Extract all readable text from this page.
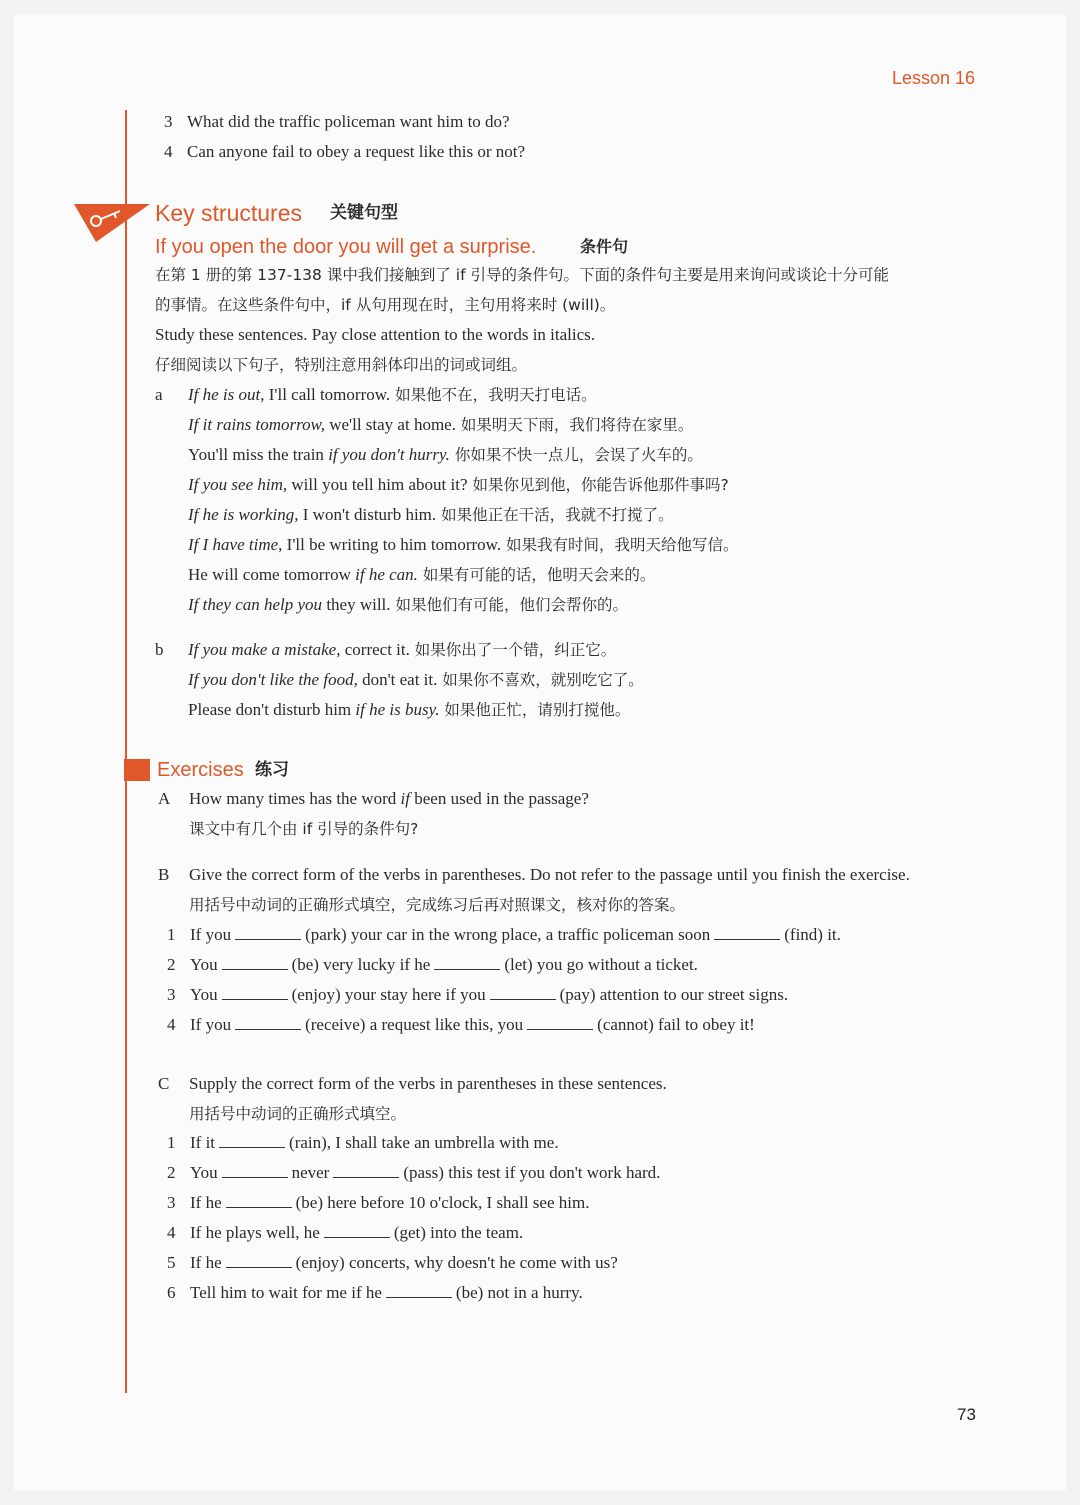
Lesson 16
3 What did the traffic policeman want him to do?
4 Can anyone fail to obey a request like this or not?
Key structures 关键句型
If you open the door you will get a surprise.	条件句
在第 1 册的第 137-138 课中我们接触到了 if 引导的条件句。下面的条件句主要是用来询问或谈论十分可能
的事情。在这些条件句中，if 从句用现在时，主句用将来时 (will)。
Study these sentences. Pay close attention to the words in italics.
仔细阅读以下句子，特别注意用斜体印出的词或词组。
a If he is out, I'll call tomorrow. 如果他不在，我明天打电话。
If it rains tomorrow, we'll stay at home. 如果明天下雨，我们将待在家里。
You'll miss the train if you don't hurry. 你如果不快一点儿，会误了火车的。
If you see him, will you tell him about it? 如果你见到他，你能告诉他那件事吗?
If he is working, I won't disturb him. 如果他正在干活，我就不打搅了。
If I have time, I'll be writing to him tomorrow. 如果我有时间，我明天给他写信。
He will come tomorrow if he can. 如果有可能的话，他明天会来的。
If they can help you they will. 如果他们有可能，他们会帮你的。
b If you make a mistake, correct it. 如果你出了一个错，纠正它。
If you don't like the food, don't eat it. 如果你不喜欢，就别吃它了。
Please don't disturb him if he is busy. 如果他正忙，请别打搅他。
Exercises 练习
A How many times has the word if been used in the passage?
课文中有几个由 if 引导的条件句?
B Give the correct form of the verbs in parentheses. Do not refer to the passage until you finish the exercise.
用括号中动词的正确形式填空，完成练习后再对照课文，核对你的答案。
1 If you	(park) your car in the wrong place, a traffic policeman soon	(find) it.
2 You	(be) very lucky if he	(let) you go without a ticket.
3 You	(enjoy) your stay here if you	(pay) attention to our street signs.
4 If you	(receive) a request like this, you	(cannot) fail to obey it!
C Supply the correct form of the verbs in parentheses in these sentences.
用括号中动词的正确形式填空。
1 If it	(rain), I shall take an umbrella with me.
2 You	never	(pass) this test if you don't work hard.
3 If he	(be) here before 10 o'clock, I shall see him.
4 If he plays well, he	(get) into the team.
5 If he	(enjoy) concerts, why doesn't he come with us?
6 Tell him to wait for me if he	(be) not in a hurry.
73
